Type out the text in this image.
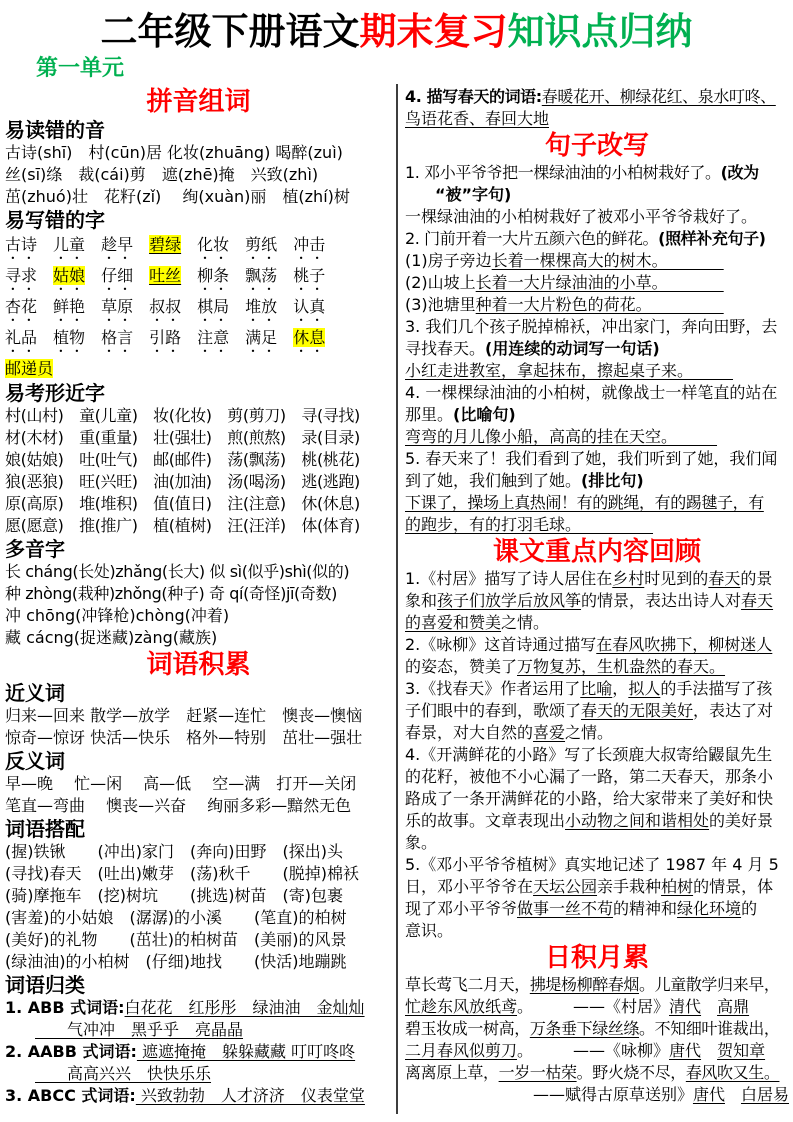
二年级下册语文期末复习知识点归纳
第一单元
拼音组词
易读错的音
古诗(shī)　村(cūn)居 化妆(zhuāng) 喝醉(zuì)
丝(sī)绦　裁(cái)剪　遮(zhē)掩　兴致(zhì)
茁(zhuó)壮　花籽(zǐ)　 绚(xuàn)丽　植(zhí)树
易写错的字
古诗　 儿童　 趁早　 碧绿　 化妆　 剪纸　 冲击
寻求　 姑娘　 仔细　 吐丝　 柳条　 飘荡　 桃子
杏花　 鲜艳　 草原　 叔叔　 棋局　 堆放　 认真
礼品　 植物　 格言　 引路　 注意　 满足　 休息
邮递员
易考形近字
村(山村)　童(儿童)　妆(化妆)　剪(剪刀)　寻(寻找)
材(木材)　重(重量)　壮(强壮)　煎(煎熬)　录(目录)
娘(姑娘)　吐(吐气)　邮(邮件)　荡(飘荡)　桃(桃花)
狼(恶狼)　旺(兴旺)　油(加油)　汤(喝汤)　逃(逃跑)
原(高原)　堆(堆积)　值(值日)　注(注意)　休(休息)
愿(愿意)　推(推广)　植(植树)　汪(汪洋)　体(体育)
多音字
长 cháng(长处)zhǎng(长大) 似 sì(似乎)shì(似的)
种 zhòng(栽种)zhǒng(种子) 奇 qí(奇怪)jī(奇数)
冲 chōng(冲锋枪)chòng(冲着)
藏 cácng(捉迷藏)zàng(藏族)
词语积累
近义词
归来—回来 散学—放学　赶紧—连忙　懊丧—懊恼
惊奇—惊讶 快活—快乐　格外—特别　茁壮—强壮
反义词
早—晚　 忙—闲　 高—低　 空—满　打开—关闭
笔直—弯曲　 懊丧—兴奋　 绚丽多彩—黯然无色
词语搭配
(握)铁锹　　(冲出)家门　(奔向)田野　(探出)头
(寻找)春天　(吐出)嫩芽　(荡)秋千　　(脱掉)棉袄
(骑)摩拖车　(挖)树坑　　(挑选)树苗　(寄)包裹
(害羞)的小姑娘　(潺潺)的小溪　　(笔直)的柏树
(美好)的礼物　　(茁壮)的柏树苗　(美丽)的风景
(绿油油)的小柏树　(仔细)地找　　(快活)地蹦跳
词语归类
1. ABB 式词语:白花花　红彤彤　绿油油　金灿灿
　　气冲冲　黑乎乎　亮晶晶
2. AABB 式词语: 遮遮掩掩　躲躲藏藏 叮叮咚咚
　　高高兴兴　快快乐乐
3. ABCC 式词语: 兴致勃勃　人才济济　仪表堂堂
4. 描写春天的词语:春暖花开、柳绿花红、泉水叮咚、
鸟语花香、春回大地
句子改写
1. 邓小平爷爷把一棵绿油油的小柏树栽好了。(改为
“被”字句)
一棵绿油油的小柏树栽好了被邓小平爷爷栽好了。
2. 门前开着一大片五颜六色的鲜花。(照样补充句子)
(1)房子旁边长着一棵棵高大的树木。　　　　
(2)山坡上长着一大片绿油油的小草。　　　　
(3)池塘里种着一大片粉色的荷花。　　　　　
3. 我们几个孩子脱掉棉袄，冲出家门，奔向田野，去
寻找春天。(用连续的动词写一句话)
小红走进教室，拿起抹布，擦起桌子来。　　　
4. 一棵棵绿油油的小柏树，就像战士一样笔直的站在
那里。(比喻句)
弯弯的月儿像小船，高高的挂在天空。　　　
5. 春天来了！我们看到了她，我们听到了她，我们闻
到了她，我们触到了她。(排比句)
下课了，操场上真热闹！有的跳绳，有的踢毽子，有
的跑步，有的打羽毛球。　　　　　
课文重点内容回顾
1.《村居》描写了诗人居住在乡村时见到的春天的景
象和孩子们放学后放风筝的情景，表达出诗人对春天
的喜爱和赞美之情。
2.《咏柳》这首诗通过描写在春风吹拂下，柳树迷人
的姿态，赞美了万物复苏，生机盎然的春天。
3.《找春天》作者运用了比喻，拟人的手法描写了孩
子们眼中的春到，歌颂了春天的无限美好，表达了对
春景，对大自然的喜爱之情。
4.《开满鲜花的小路》写了长颈鹿大叔寄给鼹鼠先生
的花籽，被他不小心漏了一路，第二天春天，那条小
路成了一条开满鲜花的小路，给大家带来了美好和快
乐的故事。文章表现出小动物之间和谐相处的美好景
象。
5.《邓小平爷爷植树》真实地记述了 1987 年 4 月 5
日，邓小平爷爷在天坛公园亲手栽种柏树的情景，体
现了邓小平爷爷做事一丝不苟的精神和绿化环境的
意识。
日积月累
草长莺飞二月天，拂堤杨柳醉春烟。儿童散学归来早，
忙趁东风放纸鸢。　　　——《村居》清代　 高鼎
碧玉妆成一树高，万条垂下绿丝绦。不知细叶谁裁出，
二月春风似剪刀。　　　——《咏柳》唐代　 贺知章
离离原上草，一岁一枯荣。野火烧不尽，春风吹又生。
——赋得古原草送别》唐代　 白居易
